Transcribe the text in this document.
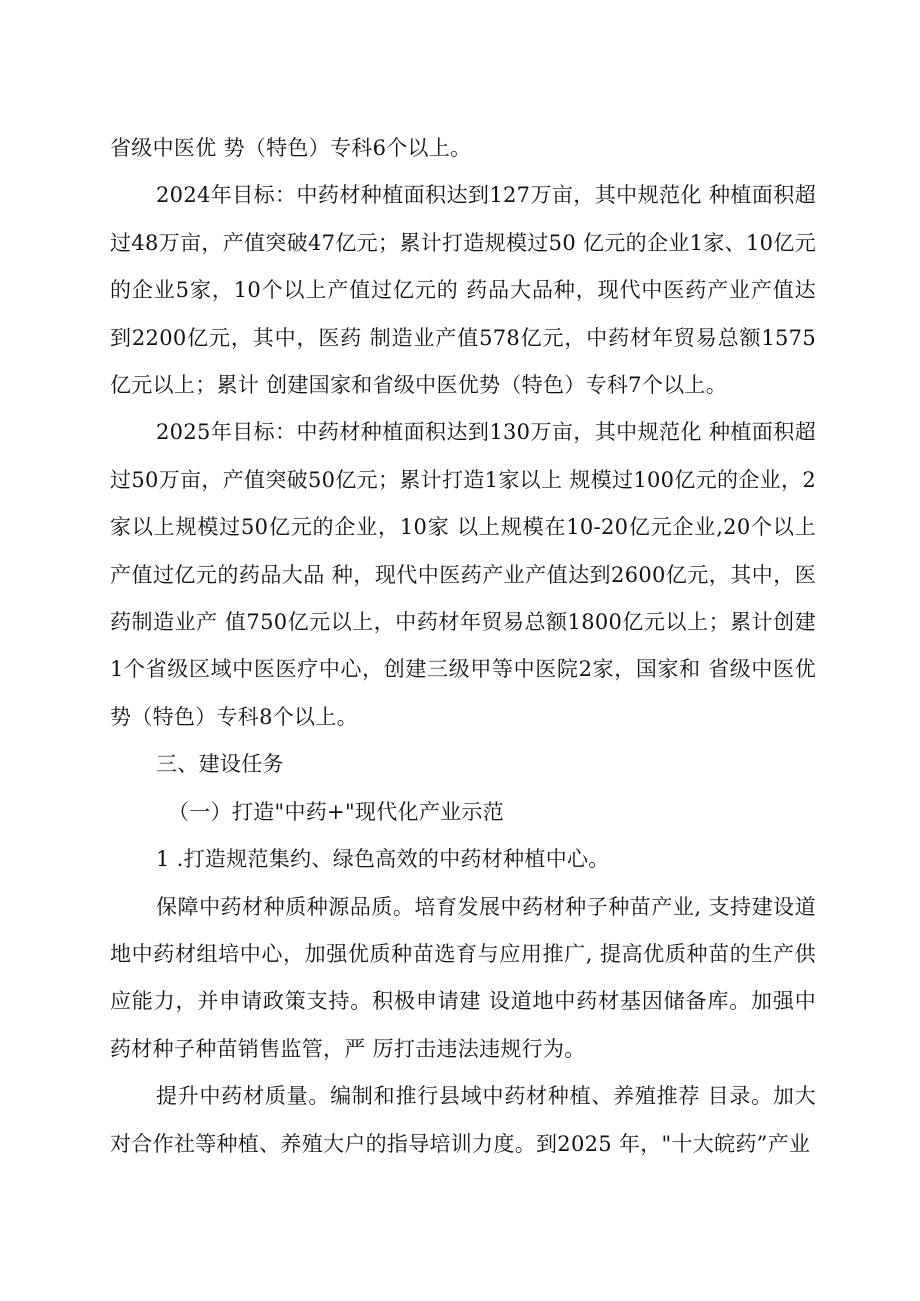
省级中医优 势（特色）专科6个以上。

2024年目标：中药材种植面积达到127万亩，其中规范化 种植面积超过48万亩，产值突破47亿元；累计打造规模过50 亿元的企业1家、10亿元的企业5家，10个以上产值过亿元的 药品大品种，现代中医药产业产值达到2200亿元，其中，医药 制造业产值578亿元，中药材年贸易总额1575亿元以上；累计 创建国家和省级中医优势（特色）专科7个以上。

2025年目标：中药材种植面积达到130万亩，其中规范化 种植面积超过50万亩，产值突破50亿元；累计打造1家以上 规模过100亿元的企业，2家以上规模过50亿元的企业，10家 以上规模在10-20亿元企业,20个以上产值过亿元的药品大品 种，现代中医药产业产值达到2600亿元，其中，医药制造业产 值750亿元以上，中药材年贸易总额1800亿元以上；累计创建 1个省级区域中医医疗中心，创建三级甲等中医院2家，国家和 省级中医优势（特色）专科8个以上。

三、建设任务

（一）打造"中药+"现代化产业示范

1 .打造规范集约、绿色高效的中药材种植中心。

保障中药材种质种源品质。培育发展中药材种子种苗产业, 支持建设道地中药材组培中心，加强优质种苗选育与应用推广, 提高优质种苗的生产供应能力，并申请政策支持。积极申请建 设道地中药材基因储备库。加强中药材种子种苗销售监管，严 厉打击违法违规行为。

提升中药材质量。编制和推行县域中药材种植、养殖推荐 目录。加大对合作社等种植、养殖大户的指导培训力度。到2025 年，"十大皖药”产业
